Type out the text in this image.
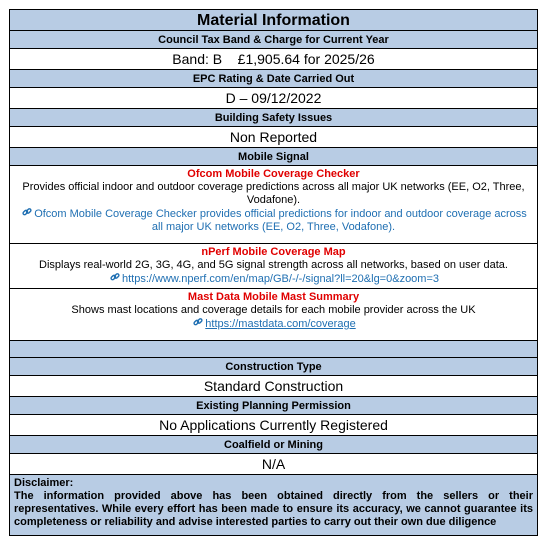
Material Information
Council Tax Band & Charge for Current Year
Band: B    £1,905.64 for 2025/26
EPC Rating & Date Carried Out
D – 09/12/2022
Building Safety Issues
Non Reported
Mobile Signal
Ofcom Mobile Coverage Checker
Provides official indoor and outdoor coverage predictions across all major UK networks (EE, O2, Three, Vodafone).
Ofcom Mobile Coverage Checker provides official predictions for indoor and outdoor coverage across all major UK networks (EE, O2, Three, Vodafone).
nPerf Mobile Coverage Map
Displays real-world 2G, 3G, 4G, and 5G signal strength across all networks, based on user data.
https://www.nperf.com/en/map/GB/-/-/signal?ll=20&lg=0&zoom=3
Mast Data Mobile Mast Summary
Shows mast locations and coverage details for each mobile provider across the UK
https://mastdata.com/coverage
Construction Type
Standard Construction
Existing Planning Permission
No Applications Currently Registered
Coalfield or Mining
N/A
Disclaimer:
The information provided above has been obtained directly from the sellers or their representatives. While every effort has been made to ensure its accuracy, we cannot guarantee its completeness or reliability and advise interested parties to carry out their own due diligence
